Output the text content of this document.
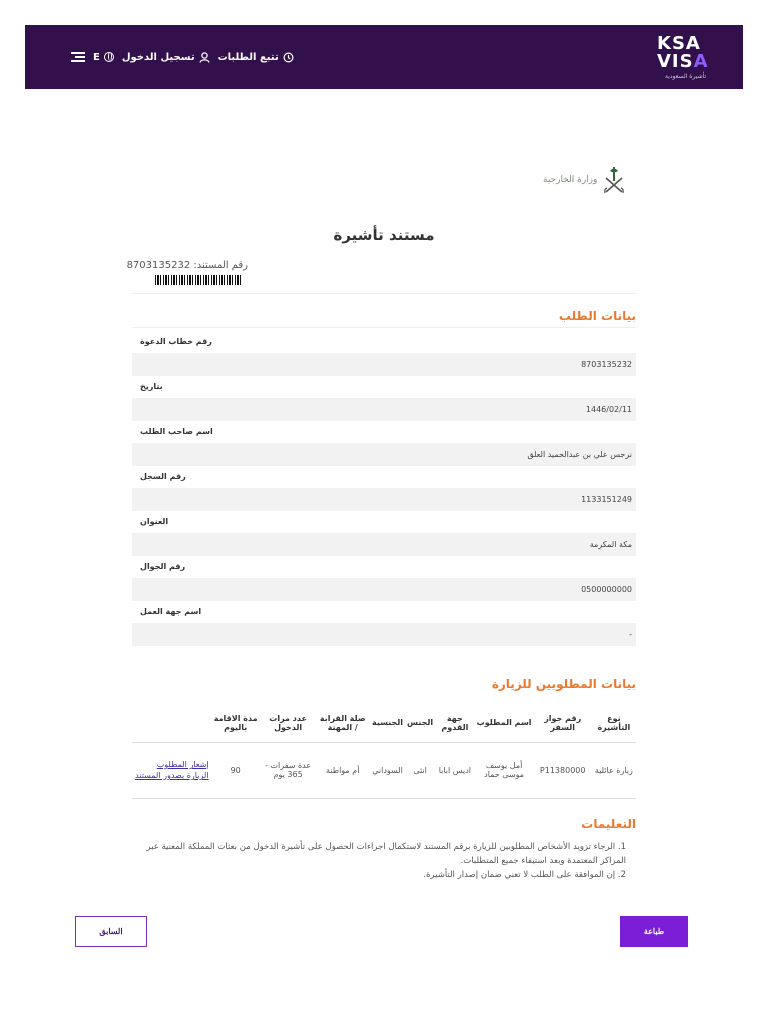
E تسجيل الدخول تتبع الطلبات
KSA
VISA
تأشيرة السعودية
وزارة الخارجية
مستند تأشيرة
رقم المستند: 8703135232
بيانات الطلب
رقم خطاب الدعوة
8703135232
بتاريخ
1446/02/11
اسم صاحب الطلب
نرجس علي بن عبدالحميد العلق
رقم السجل
1133151249
العنوان
مكة المكرمة
رقم الجوال
0500000000
اسم جهة العمل
-
بيانات المطلوبين للزيارة
نوع التأشيرة	رقم جواز السفر	اسم المطلوب	جهة القدوم	الجنس	الجنسية	صلة القرابة / المهنة	عدد مرات الدخول	مدة الاقامة باليوم	
زيارة عائلية	P11380000	أمل يوسف موسى حماد	اديس ابابا	انثى	السوداني	أم مواطنة	عدة سفرات - 365 يوم	90	إشعار المطلوب الزيارة بصدور المستند
التعليمات
1. الرجاء تزويد الأشخاص المطلوبين للزيارة برقم المستند لاستكمال اجراءات الحصول على تأشيرة الدخول من بعثات المملكة المعنية عبر المراكز المعتمدة وبعد استيفاء جميع المتطلبات.
2. إن الموافقة على الطلب لا تعني ضمان إصدار التأشيرة.
السابق	طباعة
